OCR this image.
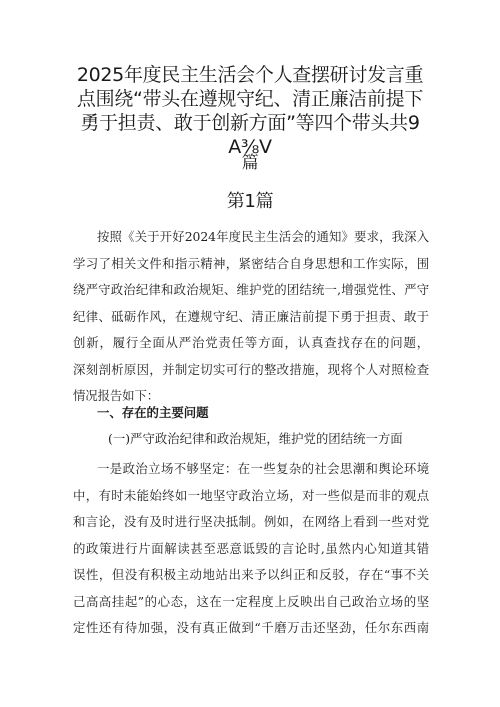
2025年度民主生活会个人查摆研讨发言重
点围绕“带头在遵规守纪、清正廉洁前提下
勇于担责、敢于创新方面”等四个带头共9
A⅜V
篇
第1篇
按照《关于开好2024年度民主生活会的通知》要求，我深入
学习了相关文件和指示精神，紧密结合自身思想和工作实际，围
绕严守政治纪律和政治规矩、维护党的团结统一,增强党性、严守
纪律、砥砺作风，在遵规守纪、清正廉洁前提下勇于担责、敢于
创新，履行全面从严治党责任等方面，认真查找存在的问题，
深刻剖析原因，并制定切实可行的整改措施，现将个人对照检查
情况报告如下：
一、存在的主要问题
(一)严守政治纪律和政治规矩，维护党的团结统一方面
一是政治立场不够坚定：在一些复杂的社会思潮和舆论环境
中，有时未能始终如一地坚守政治立场，对一些似是而非的观点
和言论，没有及时进行坚决抵制。例如，在网络上看到一些对党
的政策进行片面解读甚至恶意诋毁的言论时,虽然内心知道其错
误性，但没有积极主动地站出来予以纠正和反驳，存在“事不关
己高高挂起”的心态，这在一定程度上反映出自己政治立场的坚
定性还有待加强，没有真正做到“千磨万击还坚劲，任尔东西南
